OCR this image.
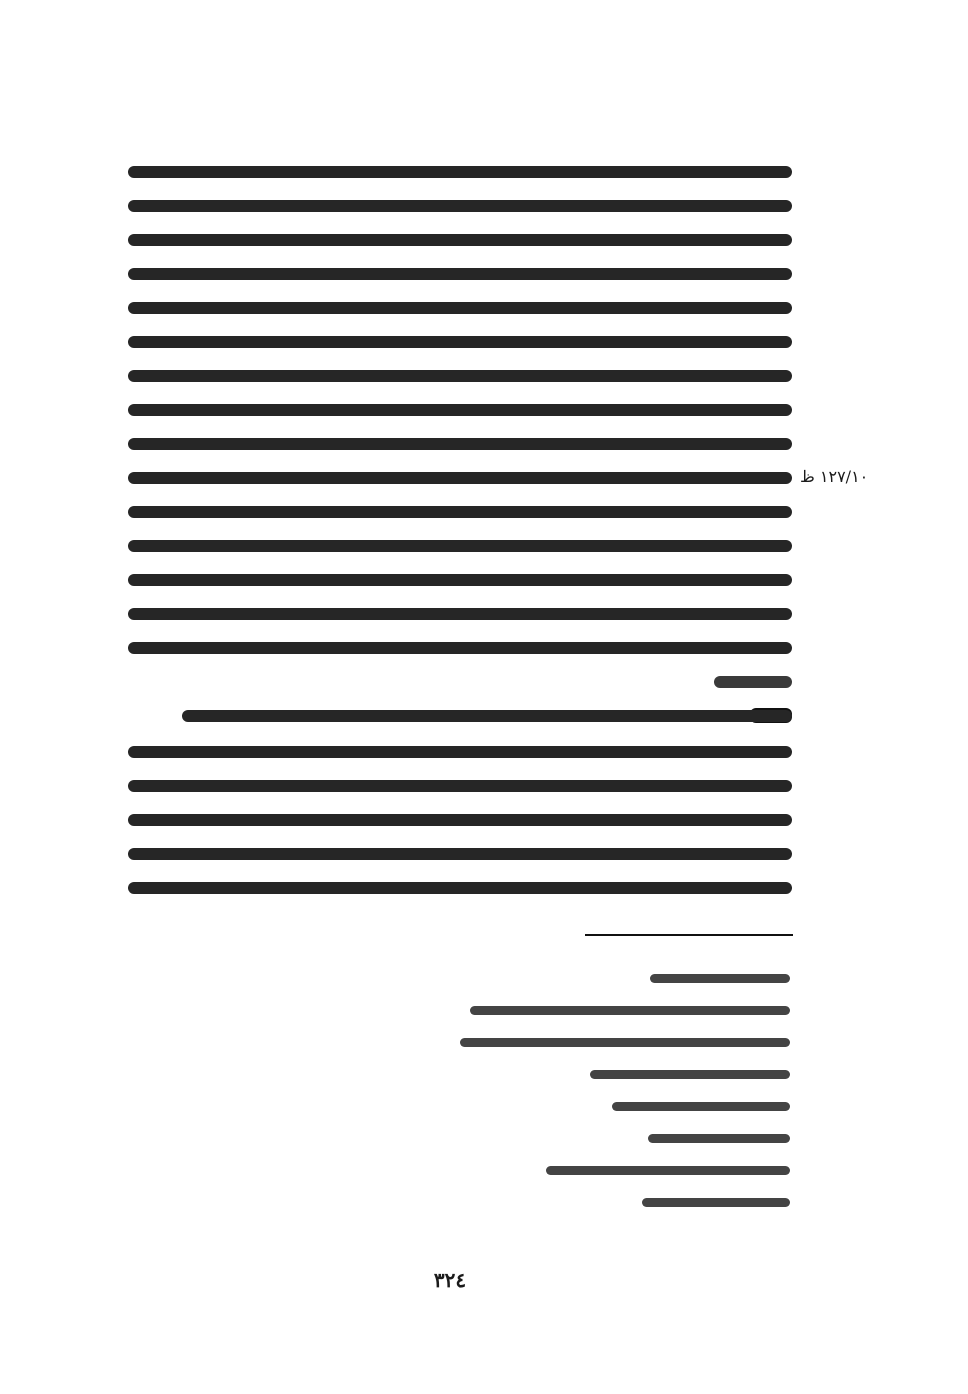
١٢٧/١٠ ظ
٣٢٤
